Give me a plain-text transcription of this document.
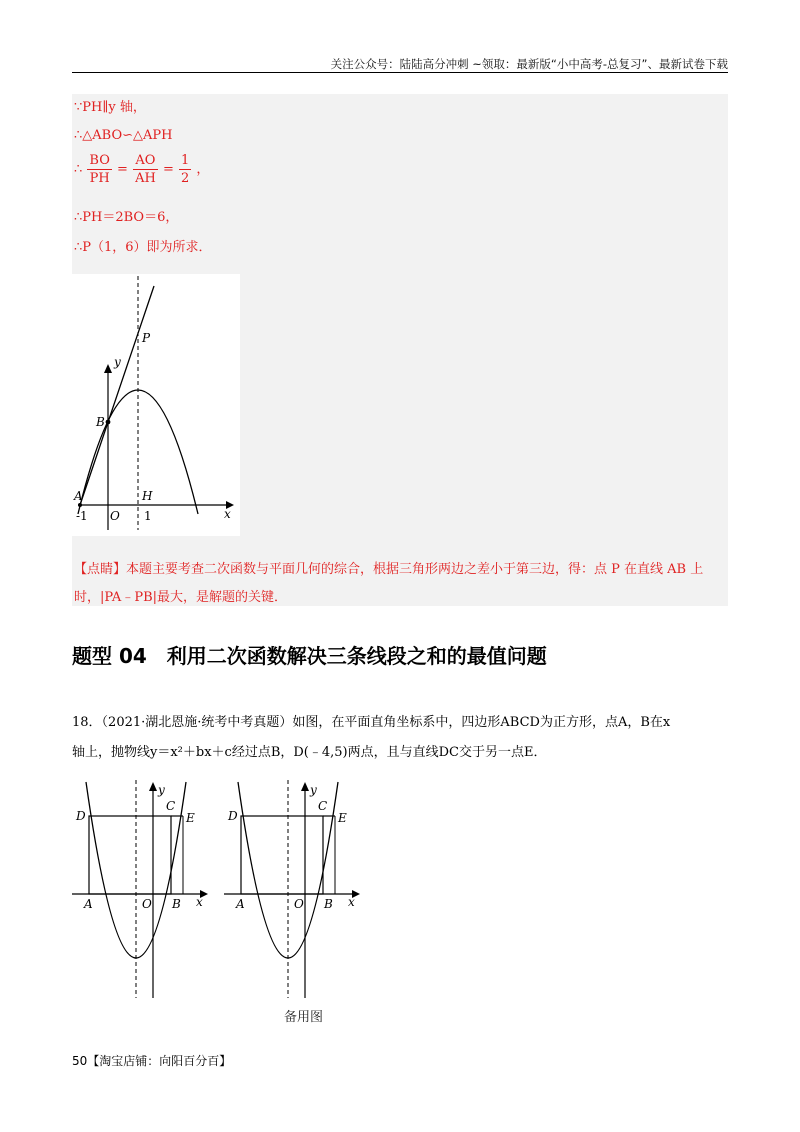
关注公众号：陆陆高分冲刺 ~领取：最新版“小中高考-总复习”、最新试卷下载
∵PH∥y 轴，
∴△ABO∽△APH
∴ $\frac{BO}{PH} = \frac{AO}{AH} = \frac{1}{2}$ ，
∴PH＝2BO＝6，
∴P（1，6）即为所求．
P
y
B
A	H
x
-1 O 1
【点睛】本题主要考查二次函数与平面几何的综合，根据三角形两边之差小于第三边，得：点 P 在直线 AB 上时，|PA﹣PB|最大，是解题的关键．
题型 04　利用二次函数解决三条线段之和的最值问题
18．（2021·湖北恩施·统考中考真题）如图，在平面直角坐标系中，四边形ABCD为正方形，点A，B在x
轴上，抛物线y＝x²＋bx＋c经过点B，D(﹣4,5)两点，且与直线DC交于另一点E．
C
y
D	E
A	O B x
C
y
D	E
A	O B x
备用图
50【淘宝店铺：向阳百分百】
